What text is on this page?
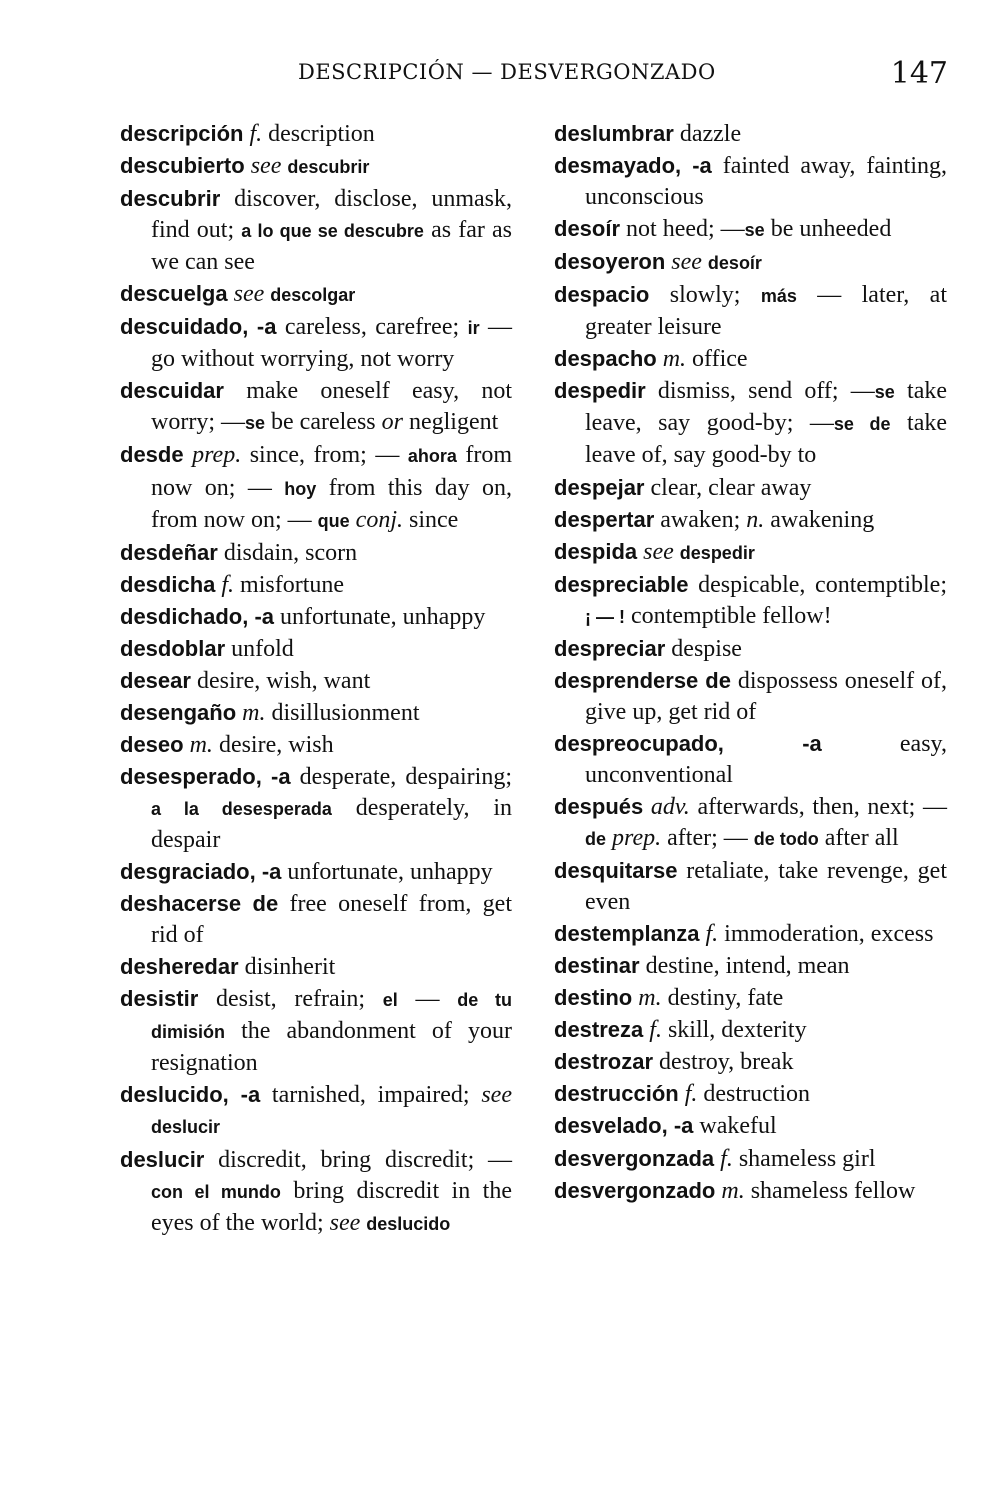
DESCRIPCIÓN — DESVERGONZADO	147

descripción f. description

descubierto see descubrir

descubrir discover, disclose, unmask, find out; a lo que se descubre as far as we can see

descuelga see descolgar

descuidado, -a careless, carefree; ir — go without worrying, not worry

descuidar make oneself easy, not worry; —se be careless or negligent

desde prep. since, from; — ahora from now on; — hoy from this day on, from now on; — que conj. since

desdeñar disdain, scorn

desdicha f. misfortune

desdichado, -a unfortunate, unhappy

desdoblar unfold

desear desire, wish, want

desengaño m. disillusionment

deseo m. desire, wish

desesperado, -a desperate, despairing; a la desesperada desperately, in despair

desgraciado, -a unfortunate, unhappy

deshacerse de free oneself from, get rid of

desheredar disinherit

desistir desist, refrain; el — de tu dimisión the abandonment of your resignation

deslucido, -a tarnished, impaired; see deslucir

deslucir discredit, bring discredit; — con el mundo bring discredit in the eyes of the world; see deslucido

deslumbrar dazzle

desmayado, -a fainted away, fainting, unconscious

desoír not heed; —se be unheeded

desoyeron see desoír

despacio slowly; más — later, at greater leisure

despacho m. office

despedir dismiss, send off; —se take leave, say good-by; —se de take leave of, say good-by to

despejar clear, clear away

despertar awaken; n. awakening

despida see despedir

despreciable despicable, contemptible; ¡ — ! contemptible fellow!

despreciar despise

desprenderse de dispossess oneself of, give up, get rid of

despreocupado, -a easy, unconventional

después adv. afterwards, then, next; — de prep. after; — de todo after all

desquitarse retaliate, take revenge, get even

destemplanza f. immoderation, excess

destinar destine, intend, mean

destino m. destiny, fate

destreza f. skill, dexterity

destrozar destroy, break

destrucción f. destruction

desvelado, -a wakeful

desvergonzada f. shameless girl

desvergonzado m. shameless fellow
